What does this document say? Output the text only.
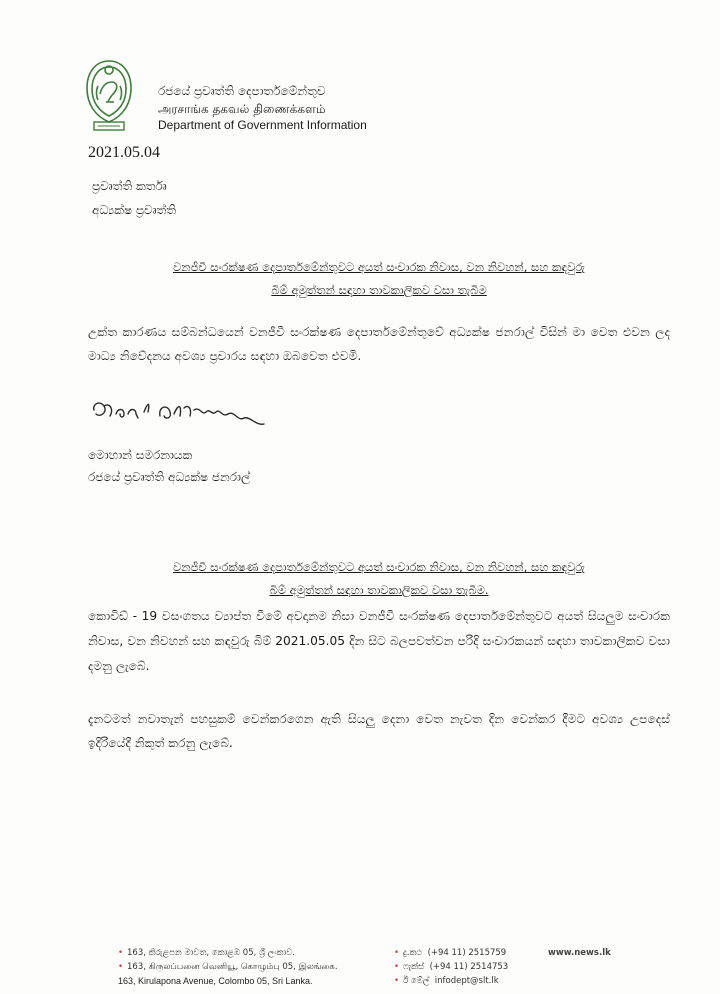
රජයේ ප්‍රවෘත්ති දෙපාර්තමේන්තුව
அரசாங்க தகவல் திணைக்களம்
Department of Government Information
2021.05.04
ප්‍රවෘත්ති කර්තෘ
අධ්‍යක්ෂ ප්‍රවෘත්ති
වනජීවී සංරක්ෂණ දෙපාර්තමේන්තුවට අයත් සංචාරක නිවාස, වන නිවහන්, සහ කඳවුරු
බිම් අමුත්තන් සඳහා තාවකාලිකව වසා තැබීම
උක්ත කාරණය සම්බන්ධයෙන් වනජීවී සංරක්ෂණ දෙපාර්තමේන්තුවේ අධ්‍යක්ෂ ජනරාල් විසින් මා වෙත එවන ලද මාධ්‍ය නිවේදනය අවශ්‍ය ප්‍රචාරය සඳහා ඔබවෙත එවමි.
මොහාන් සමරනායක
රජයේ ප්‍රවෘත්ති අධ්‍යක්ෂ ජනරාල්
වනජීවී සංරක්ෂණ දෙපාර්තමේන්තුවට අයත් සංචාරක නිවාස, වන නිවහන්, සහ කඳවුරු
බිම් අමුත්තන් සඳහා තාවකාලිකව වසා තැබීම.
කොවිඩ් - 19 වසංගතය ව්‍යාප්ත වීමේ අවදානම නිසා වනජීවී සංරක්ෂණ දෙපාර්තමේන්තුවට අයත් සියලුම සංචාරක නිවාස, වන නිවහන් සහ කඳවුරු බිම් 2021.05.05 දින සිට බලපවත්වන පරිදි සංචාරකයන් සඳහා තාවකාලිකව වසා දමනු ලැබේ.
දැනටමත් නවාතැන් පහසුකම් වෙන්කරගෙන ඇති සියලු දෙනා වෙත නැවත දින වෙන්කර දීමට අවශ්‍ය උපදෙස් ඉදිරියේදී නිකුත් කරනු ලැබේ.
• 163, කිරුළපන මාවත, කොළඹ 05, ශ්‍රී ලංකාව.
• 163, கிருலப்பனை வெனியூ, கொழும்பு 05, இலங்கை.
163, Kirulapona Avenue, Colombo 05, Sri Lanka.
• දු.කථ (+94 11) 2515759
• ෆැක්ස් (+94 11) 2514753
• ඊ මේල් infodept@slt.lk
www.news.lk
